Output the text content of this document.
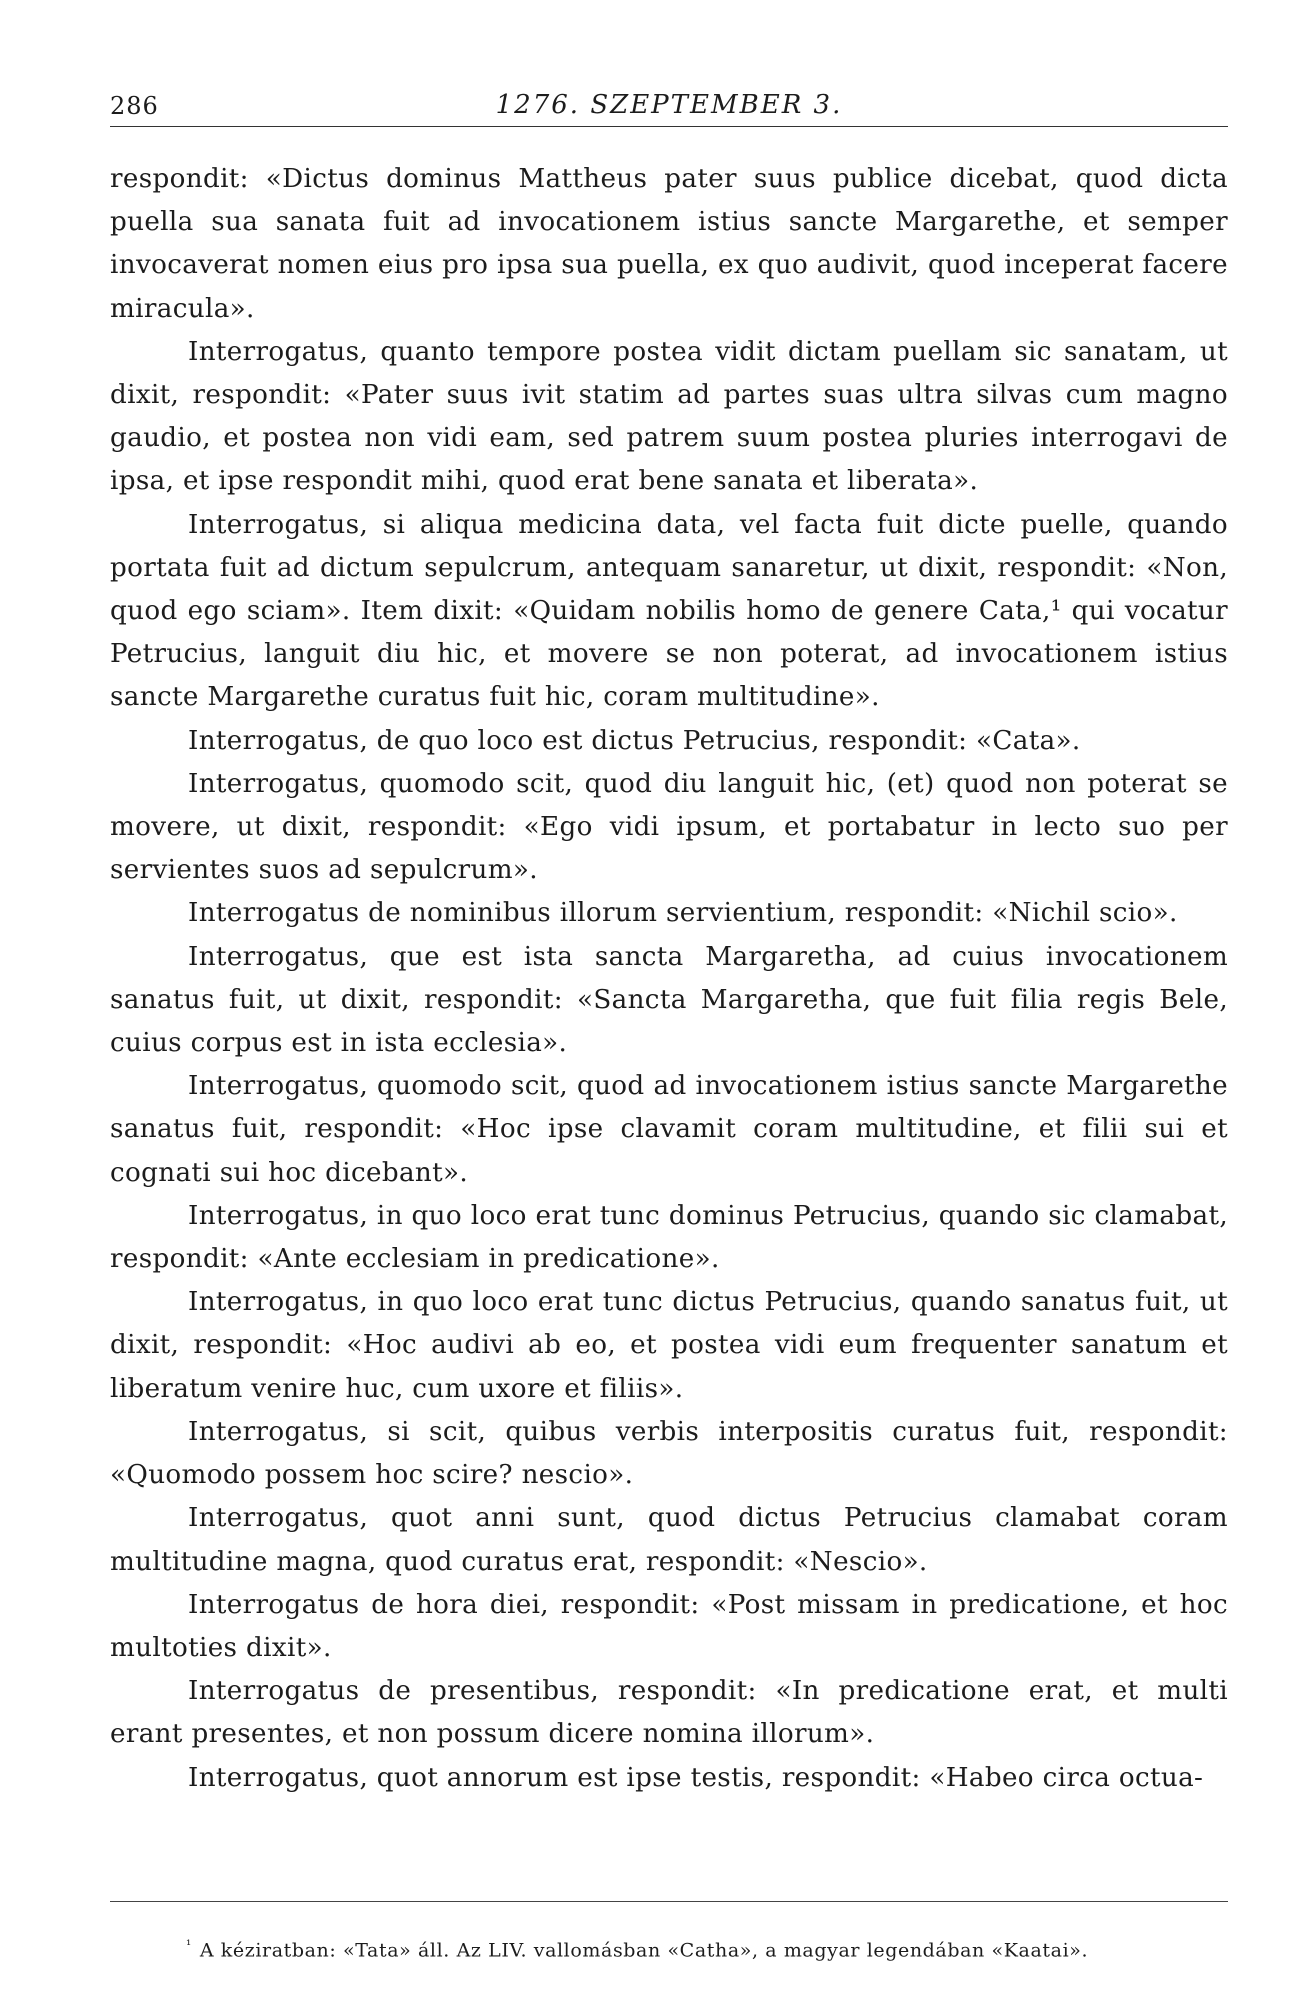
286	1276. SZEPTEMBER 3.

respondit: «Dictus dominus Mattheus pater suus publice dicebat, quod dicta puella sua sanata fuit ad invocationem istius sancte Margarethe, et semper invocaverat nomen eius pro ipsa sua puella, ex quo audivit, quod inceperat facere miracula».

Interrogatus, quanto tempore postea vidit dictam puellam sic sanatam, ut dixit, respondit: «Pater suus ivit statim ad partes suas ultra silvas cum magno gaudio, et postea non vidi eam, sed patrem suum postea pluries interrogavi de ipsa, et ipse respondit mihi, quod erat bene sanata et liberata».

Interrogatus, si aliqua medicina data, vel facta fuit dicte puelle, quando portata fuit ad dictum sepulcrum, antequam sanaretur, ut dixit, respondit: «Non, quod ego sciam». Item dixit: «Quidam nobilis homo de genere Cata,¹ qui vocatur Petrucius, languit diu hic, et movere se non poterat, ad invocationem istius sancte Margarethe curatus fuit hic, coram multitudine».

Interrogatus, de quo loco est dictus Petrucius, respondit: «Cata».

Interrogatus, quomodo scit, quod diu languit hic, (et) quod non poterat se movere, ut dixit, respondit: «Ego vidi ipsum, et portabatur in lecto suo per servientes suos ad sepulcrum».

Interrogatus de nominibus illorum servientium, respondit: «Nichil scio».

Interrogatus, que est ista sancta Margaretha, ad cuius invocationem sanatus fuit, ut dixit, respondit: «Sancta Margaretha, que fuit filia regis Bele, cuius corpus est in ista ecclesia».

Interrogatus, quomodo scit, quod ad invocationem istius sancte Margarethe sanatus fuit, respondit: «Hoc ipse clavamit coram multitudine, et filii sui et cognati sui hoc dicebant».

Interrogatus, in quo loco erat tunc dominus Petrucius, quando sic clamabat, respondit: «Ante ecclesiam in predicatione».

Interrogatus, in quo loco erat tunc dictus Petrucius, quando sanatus fuit, ut dixit, respondit: «Hoc audivi ab eo, et postea vidi eum frequenter sanatum et liberatum venire huc, cum uxore et filiis».

Interrogatus, si scit, quibus verbis interpositis curatus fuit, respondit: «Quomodo possem hoc scire? nescio».

Interrogatus, quot anni sunt, quod dictus Petrucius clamabat coram multitudine magna, quod curatus erat, respondit: «Nescio».

Interrogatus de hora diei, respondit: «Post missam in predicatione, et hoc multoties dixit».

Interrogatus de presentibus, respondit: «In predicatione erat, et multi erant presentes, et non possum dicere nomina illorum».

Interrogatus, quot annorum est ipse testis, respondit: «Habeo circa octua-

$^{^1}$ A kéziratban: «Tata» áll. Az LIV. vallomásban «Catha», a magyar legendában «Kaatai».
